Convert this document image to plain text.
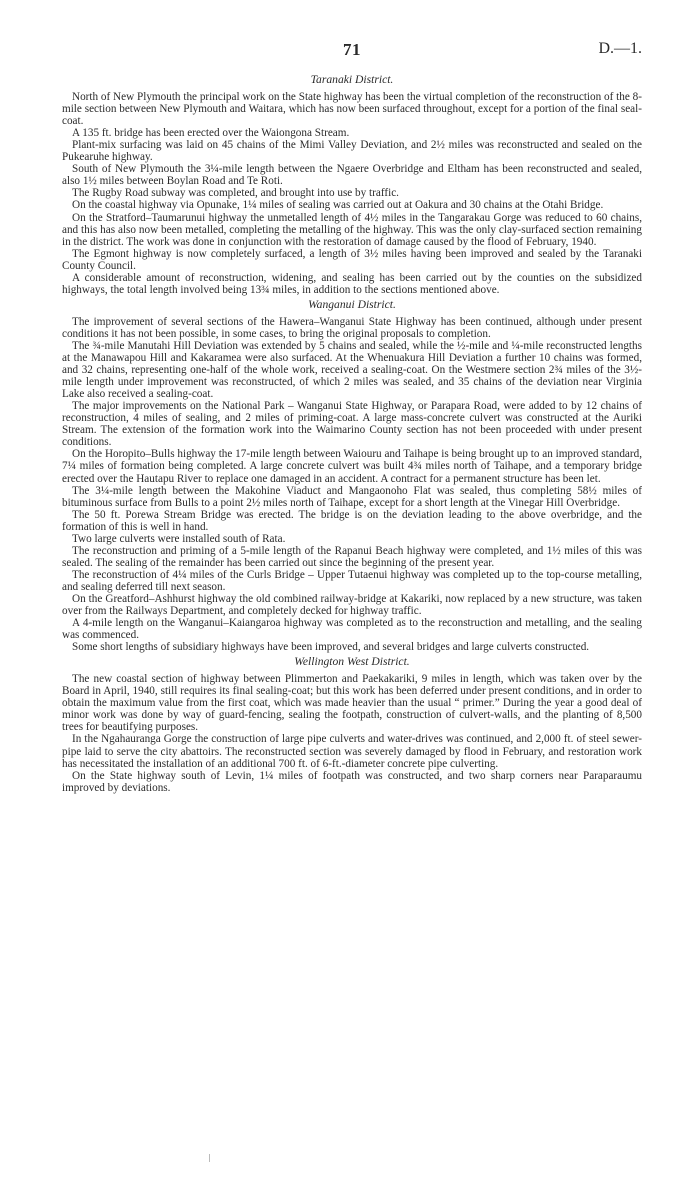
71	D.—1.

Taranaki District.

North of New Plymouth the principal work on the State highway has been the virtual completion of the reconstruction of the 8-mile section between New Plymouth and Waitara, which has now been surfaced throughout, except for a portion of the final seal-coat.

A 135 ft. bridge has been erected over the Waiongona Stream.

Plant-mix surfacing was laid on 45 chains of the Mimi Valley Deviation, and 2½ miles was reconstructed and sealed on the Pukearuhe highway.

South of New Plymouth the 3¼-mile length between the Ngaere Overbridge and Eltham has been reconstructed and sealed, also 1½ miles between Boylan Road and Te Roti.

The Rugby Road subway was completed, and brought into use by traffic.

On the coastal highway via Opunake, 1¼ miles of sealing was carried out at Oakura and 30 chains at the Otahi Bridge.

On the Stratford–Taumarunui highway the unmetalled length of 4½ miles in the Tangarakau Gorge was reduced to 60 chains, and this has also now been metalled, completing the metalling of the highway. This was the only clay-surfaced section remaining in the district. The work was done in conjunction with the restoration of damage caused by the flood of February, 1940.

The Egmont highway is now completely surfaced, a length of 3½ miles having been improved and sealed by the Taranaki County Council.

A considerable amount of reconstruction, widening, and sealing has been carried out by the counties on the subsidized highways, the total length involved being 13¾ miles, in addition to the sections mentioned above.

Wanganui District.

The improvement of several sections of the Hawera–Wanganui State Highway has been continued, although under present conditions it has not been possible, in some cases, to bring the original proposals to completion.

The ¾-mile Manutahi Hill Deviation was extended by 5 chains and sealed, while the ½-mile and ¼-mile reconstructed lengths at the Manawapou Hill and Kakaramea were also surfaced. At the Whenuakura Hill Deviation a further 10 chains was formed, and 32 chains, representing one-half of the whole work, received a sealing-coat. On the Westmere section 2¾ miles of the 3½-mile length under improvement was reconstructed, of which 2 miles was sealed, and 35 chains of the deviation near Virginia Lake also received a sealing-coat.

The major improvements on the National Park – Wanganui State Highway, or Parapara Road, were added to by 12 chains of reconstruction, 4 miles of sealing, and 2 miles of priming-coat. A large mass-concrete culvert was constructed at the Auriki Stream. The extension of the formation work into the Waimarino County section has not been proceeded with under present conditions.

On the Horopito–Bulls highway the 17-mile length between Waiouru and Taihape is being brought up to an improved standard, 7¼ miles of formation being completed. A large concrete culvert was built 4¾ miles north of Taihape, and a temporary bridge erected over the Hautapu River to replace one damaged in an accident. A contract for a permanent structure has been let.

The 3¼-mile length between the Makohine Viaduct and Mangaonoho Flat was sealed, thus completing 58½ miles of bituminous surface from Bulls to a point 2½ miles north of Taihape, except for a short length at the Vinegar Hill Overbridge.

The 50 ft. Porewa Stream Bridge was erected. The bridge is on the deviation leading to the above overbridge, and the formation of this is well in hand.

Two large culverts were installed south of Rata.

The reconstruction and priming of a 5-mile length of the Rapanui Beach highway were completed, and 1½ miles of this was sealed. The sealing of the remainder has been carried out since the beginning of the present year.

The reconstruction of 4¼ miles of the Curls Bridge – Upper Tutaenui highway was completed up to the top-course metalling, and sealing deferred till next season.

On the Greatford–Ashhurst highway the old combined railway-bridge at Kakariki, now replaced by a new structure, was taken over from the Railways Department, and completely decked for highway traffic.

A 4-mile length on the Wanganui–Kaiangaroa highway was completed as to the reconstruction and metalling, and the sealing was commenced.

Some short lengths of subsidiary highways have been improved, and several bridges and large culverts constructed.

Wellington West District.

The new coastal section of highway between Plimmerton and Paekakariki, 9 miles in length, which was taken over by the Board in April, 1940, still requires its final sealing-coat; but this work has been deferred under present conditions, and in order to obtain the maximum value from the first coat, which was made heavier than the usual “ primer.” During the year a good deal of minor work was done by way of guard-fencing, sealing the footpath, construction of culvert-walls, and the planting of 8,500 trees for beautifying purposes.

In the Ngahauranga Gorge the construction of large pipe culverts and water-drives was continued, and 2,000 ft. of steel sewer-pipe laid to serve the city abattoirs. The reconstructed section was severely damaged by flood in February, and restoration work has necessitated the installation of an additional 700 ft. of 6-ft.-diameter concrete pipe culverting.

On the State highway south of Levin, 1¼ miles of footpath was constructed, and two sharp corners near Paraparaumu improved by deviations.
